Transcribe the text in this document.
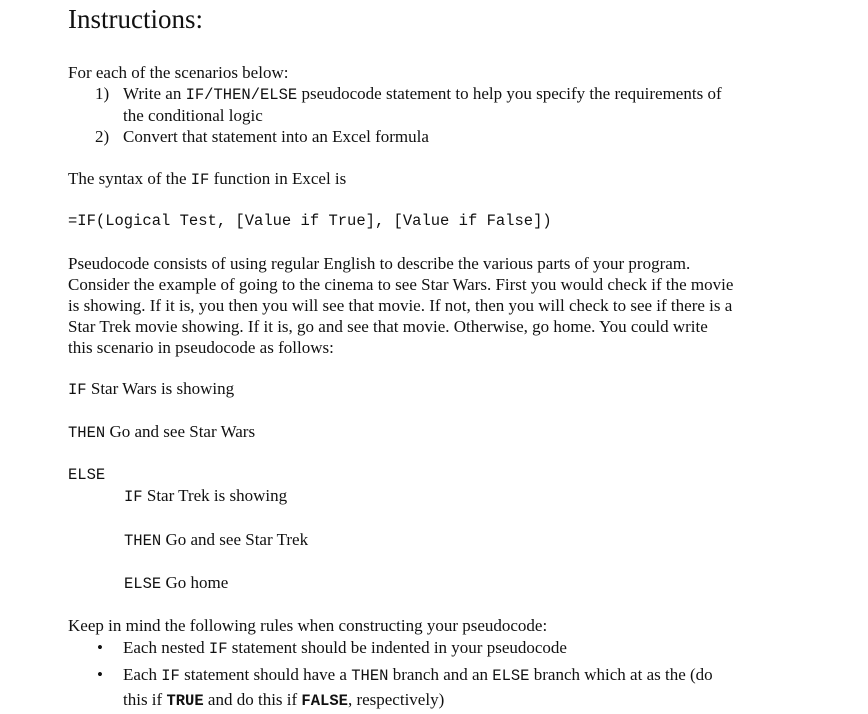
Instructions:
For each of the scenarios below:
1) Write an IF/THEN/ELSE pseudocode statement to help you specify the requirements of
the conditional logic
2) Convert that statement into an Excel formula
The syntax of the IF function in Excel is
=IF(Logical Test, [Value if True], [Value if False])
Pseudocode consists of using regular English to describe the various parts of your program.
Consider the example of going to the cinema to see Star Wars. First you would check if the movie
is showing. If it is, you then you will see that movie. If not, then you will check to see if there is a
Star Trek movie showing. If it is, go and see that movie. Otherwise, go home. You could write
this scenario in pseudocode as follows:
IF Star Wars is showing
THEN Go and see Star Wars
ELSE
IF Star Trek is showing
THEN Go and see Star Trek
ELSE Go home
Keep in mind the following rules when constructing your pseudocode:
• Each nested IF statement should be indented in your pseudocode
• Each IF statement should have a THEN branch and an ELSE branch which at as the (do
this if TRUE and do this if FALSE, respectively)
